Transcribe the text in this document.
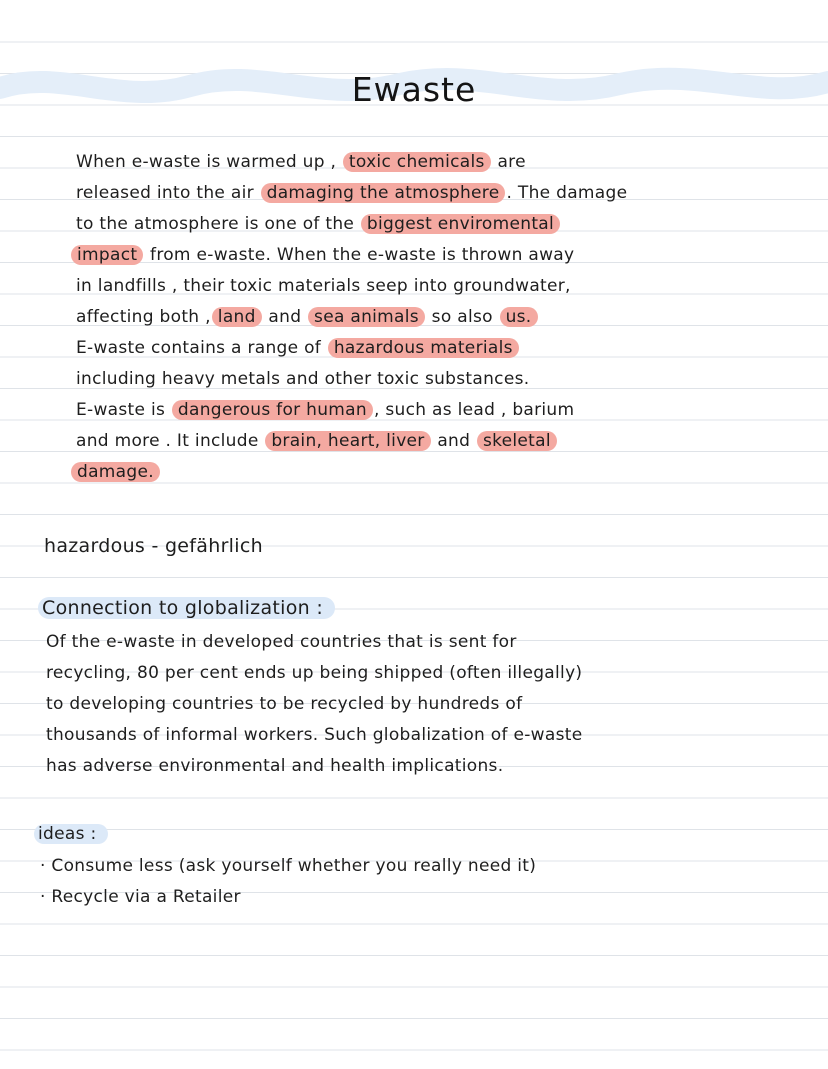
Ewaste
When e-waste is warmed up , toxic chemicals are
released into the air damaging the atmosphere . The damage
to the atmosphere is one of the biggest enviromental
impact from e-waste. When the e-waste is thrown away
in landfills , their toxic materials seep into groundwater,
affecting both , land and sea animals so also us.
E-waste contains a range of hazardous materials
including heavy metals and other toxic substances.
E-waste is dangerous for human , such as lead , barium
and more . It include brain, heart, liver and skeletal
damage.
hazardous - gefährlich
Connection to globalization :
Of the e-waste in developed countries that is sent for
recycling, 80 per cent ends up being shipped (often illegally)
to developing countries to be recycled by hundreds of
thousands of informal workers. Such globalization of e-waste
has adverse environmental and health implications.
ideas :
· Consume less (ask yourself whether you really need it)
· Recycle via a Retailer
